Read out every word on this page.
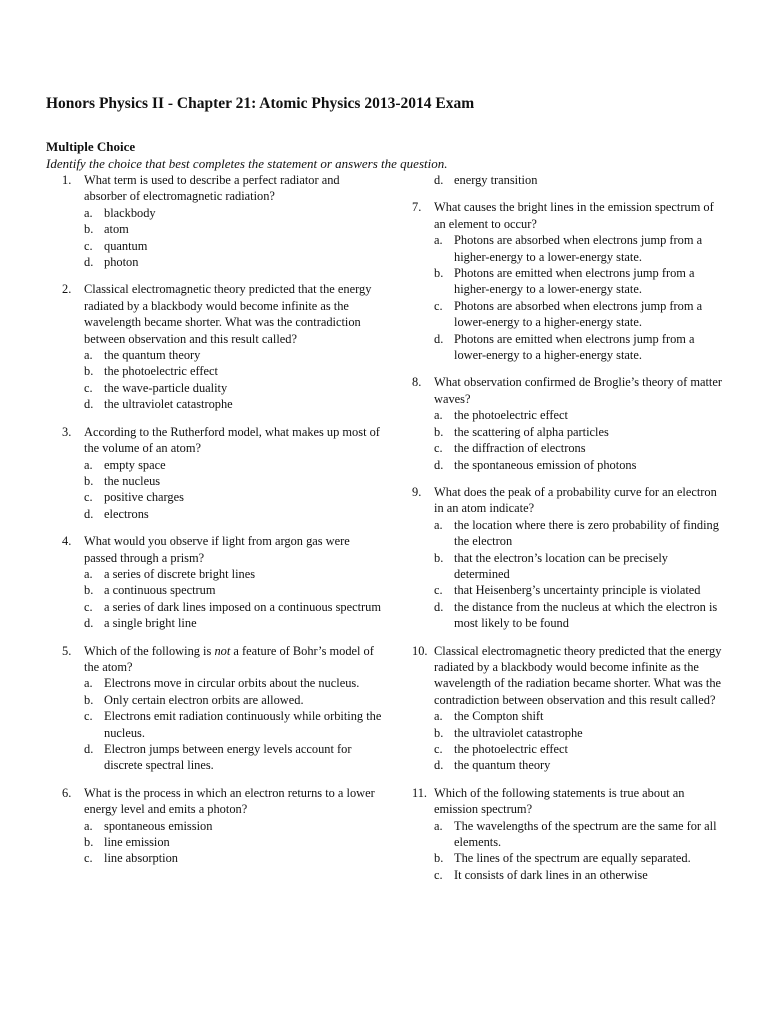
Honors Physics II - Chapter 21: Atomic Physics 2013-2014 Exam
Multiple Choice

Identify the choice that best completes the statement or answers the question.

1. What term is used to describe a perfect radiator and absorber of electromagnetic radiation?
a. blackbody
b. atom
c. quantum
d. photon
2. Classical electromagnetic theory predicted that the energy radiated by a blackbody would become infinite as the wavelength became shorter. What was the contradiction between observation and this result called?
a. the quantum theory
b. the photoelectric effect
c. the wave-particle duality
d. the ultraviolet catastrophe
3. According to the Rutherford model, what makes up most of the volume of an atom?
a. empty space
b. the nucleus
c. positive charges
d. electrons
4. What would you observe if light from argon gas were passed through a prism?
a. a series of discrete bright lines
b. a continuous spectrum
c. a series of dark lines imposed on a continuous spectrum
d. a single bright line
5. Which of the following is not a feature of Bohr’s model of the atom?
a. Electrons move in circular orbits about the nucleus.
b. Only certain electron orbits are allowed.
c. Electrons emit radiation continuously while orbiting the nucleus.
d. Electron jumps between energy levels account for discrete spectral lines.
6. What is the process in which an electron returns to a lower energy level and emits a photon?
a. spontaneous emission
b. line emission
c. line absorption
d. energy transition
7. What causes the bright lines in the emission spectrum of an element to occur?
a. Photons are absorbed when electrons jump from a higher-energy to a lower-energy state.
b. Photons are emitted when electrons jump from a higher-energy to a lower-energy state.
c. Photons are absorbed when electrons jump from a lower-energy to a higher-energy state.
d. Photons are emitted when electrons jump from a lower-energy to a higher-energy state.
8. What observation confirmed de Broglie’s theory of matter waves?
a. the photoelectric effect
b. the scattering of alpha particles
c. the diffraction of electrons
d. the spontaneous emission of photons
9. What does the peak of a probability curve for an electron in an atom indicate?
a. the location where there is zero probability of finding the electron
b. that the electron’s location can be precisely determined
c. that Heisenberg’s uncertainty principle is violated
d. the distance from the nucleus at which the electron is most likely to be found
10. Classical electromagnetic theory predicted that the energy radiated by a blackbody would become infinite as the wavelength of the radiation became shorter. What was the contradiction between observation and this result called?
a. the Compton shift
b. the ultraviolet catastrophe
c. the photoelectric effect
d. the quantum theory
11. Which of the following statements is true about an emission spectrum?
a. The wavelengths of the spectrum are the same for all elements.
b. The lines of the spectrum are equally separated.
c. It consists of dark lines in an otherwise
